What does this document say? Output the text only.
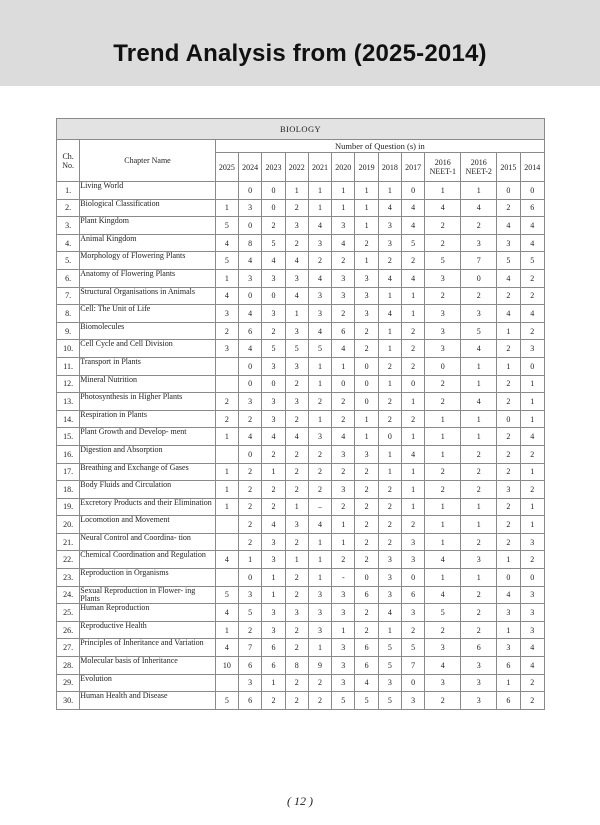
Trend Analysis from (2025-2014)
BIOLOGY														
Ch. No.	Chapter Name	Number of Question (s) in												
		2025	2024	2023	2022	2021	2020	2019	2018	2017	2016 NEET-1	2016 NEET-2	2015	2014
1.	Living World		0	0	1	1	1	1	1	0	1	1	0	0
2.	Biological Classification	1	3	0	2	1	1	1	4	4	4	4	2	6
3.	Plant Kingdom	5	0	2	3	4	3	1	3	4	2	2	4	4
4.	Animal Kingdom	4	8	5	2	3	4	2	3	5	2	3	3	4
5.	Morphology of Flowering Plants	5	4	4	4	2	2	1	2	2	5	7	5	5
6.	Anatomy of Flowering Plants	1	3	3	3	4	3	3	4	4	3	0	4	2
7.	Structural Organisations in Animals	4	0	0	4	3	3	3	1	1	2	2	2	2
8.	Cell: The Unit of Life	3	4	3	1	3	2	3	4	1	3	3	4	4
9.	Biomolecules	2	6	2	3	4	6	2	1	2	3	5	1	2
10.	Cell Cycle and Cell Division	3	4	5	5	5	4	2	1	2	3	4	2	3
11.	Transport in Plants		0	3	3	1	1	0	2	2	0	1	1	0
12.	Mineral Nutrition		0	0	2	1	0	0	1	0	2	1	2	1
13.	Photosynthesis in Higher Plants	2	3	3	3	2	2	0	2	1	2	4	2	1
14.	Respiration in Plants	2	2	3	2	1	2	1	2	2	1	1	0	1
15.	Plant Growth and Develop- ment	1	4	4	4	3	4	1	0	1	1	1	2	4
16.	Digestion and Absorption		0	2	2	2	3	3	1	4	1	2	2	2
17.	Breathing and Exchange of Gases	1	2	1	2	2	2	2	1	1	2	2	2	1
18.	Body Fluids and Circulation	1	2	2	2	2	3	2	2	1	2	2	3	2
19.	Excretory Products and their Elimination	1	2	2	1	–	2	2	2	1	1	1	2	1
20.	Locomotion and Movement		2	4	3	4	1	2	2	2	1	1	2	1
21.	Neural Control and Coordina- tion		2	3	2	1	1	2	2	3	1	2	2	3
22.	Chemical Coordination and Regulation	4	1	3	1	1	2	2	3	3	4	3	1	2
23.	Reproduction in Organisms		0	1	2	1	-	0	3	0	1	1	0	0
24.	Sexual Reproduction in Flower- ing Plants	5	3	1	2	3	3	6	3	6	4	2	4	3
25.	Human Reproduction	4	5	3	3	3	3	2	4	3	5	2	3	3
26.	Reproductive Health	1	2	3	2	3	1	2	1	2	2	2	1	3
27.	Principles of Inheritance and Variation	4	7	6	2	1	3	6	5	5	3	6	3	4
28.	Molecular basis of Inheritance	10	6	6	8	9	3	6	5	7	4	3	6	4
29.	Evolution		3	1	2	2	3	4	3	0	3	3	1	2
30.	Human Health and Disease	5	6	2	2	2	5	5	5	3	2	3	6	2
( 12 )
